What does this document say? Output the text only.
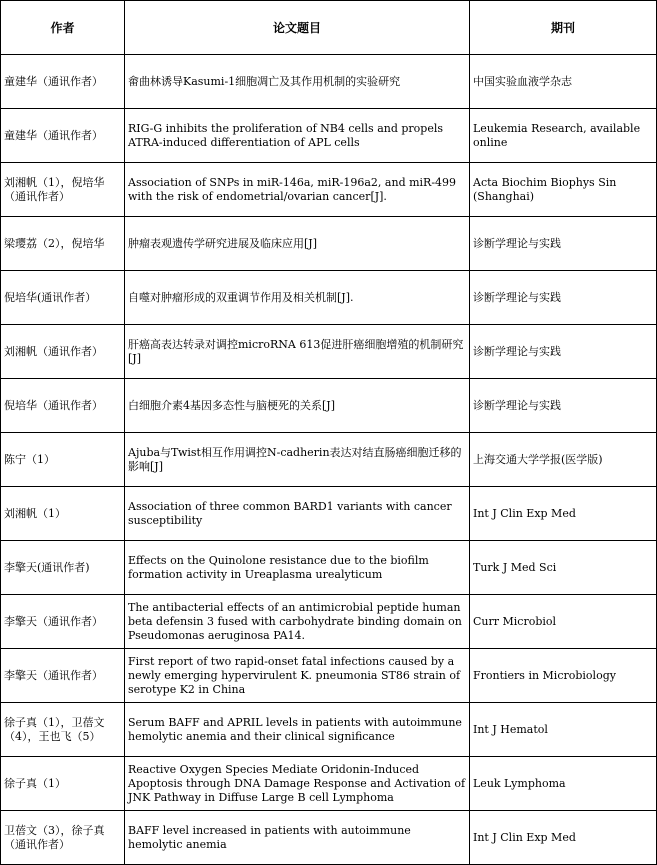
作者	论文题目	期刊
童建华（通讯作者）	畲曲林诱导Kasumi-1细胞凋亡及其作用机制的实验研究	中国实验血液学杂志
童建华（通讯作者）	RIG-G inhibits the proliferation of NB4 cells and propels ATRA-induced differentiation of APL cells	Leukemia Research, available online
刘湘帆（1），倪培华（通讯作者）	Association of SNPs in miR-146a, miR-196a2, and miR-499 with the risk of endometrial/ovarian cancer[J].	Acta Biochim Biophys Sin (Shanghai)
梁璎荔（2），倪培华	肿瘤表观遗传学研究进展及临床应用[J]	诊断学理论与实践
倪培华(通讯作者）	自噬对肿瘤形成的双重调节作用及相关机制[J].	诊断学理论与实践
刘湘帆（通讯作者）	肝癌高表达转录对调控microRNA 613促进肝癌细胞增殖的机制研究[J]	诊断学理论与实践
倪培华（通讯作者）	白细胞介素4基因多态性与脑梗死的关系[J]	诊断学理论与实践
陈宁（1）	Ajuba与Twist相互作用调控N-cadherin表达对结直肠癌细胞迁移的影响[J]	上海交通大学学报(医学版)
刘湘帆（1）	Association of three common BARD1 variants with cancer susceptibility	Int J Clin Exp Med
李擎天(通讯作者)	Effects on the Quinolone resistance due to the biofilm formation activity in Ureaplasma urealyticum	Turk J Med Sci
李擎天（通讯作者）	The antibacterial effects of an antimicrobial peptide human beta defensin 3 fused with carbohydrate binding domain on Pseudomonas aeruginosa PA14.	Curr Microbiol
李擎天（通讯作者）	First report of two rapid-onset fatal infections caused by a newly emerging hypervirulent K. pneumonia ST86 strain of serotype K2 in China	Frontiers in Microbiology
徐子真（1），卫蓓文（4），王也飞（5）	Serum BAFF and APRIL levels in patients with autoimmune hemolytic anemia and their clinical significance	Int J Hematol
徐子真（1）	Reactive Oxygen Species Mediate Oridonin-Induced Apoptosis through DNA Damage Response and Activation of JNK Pathway in Diffuse Large B cell Lymphoma	Leuk Lymphoma
卫蓓文（3），徐子真（通讯作者）	BAFF level increased in patients with autoimmune hemolytic anemia	Int J Clin Exp Med
